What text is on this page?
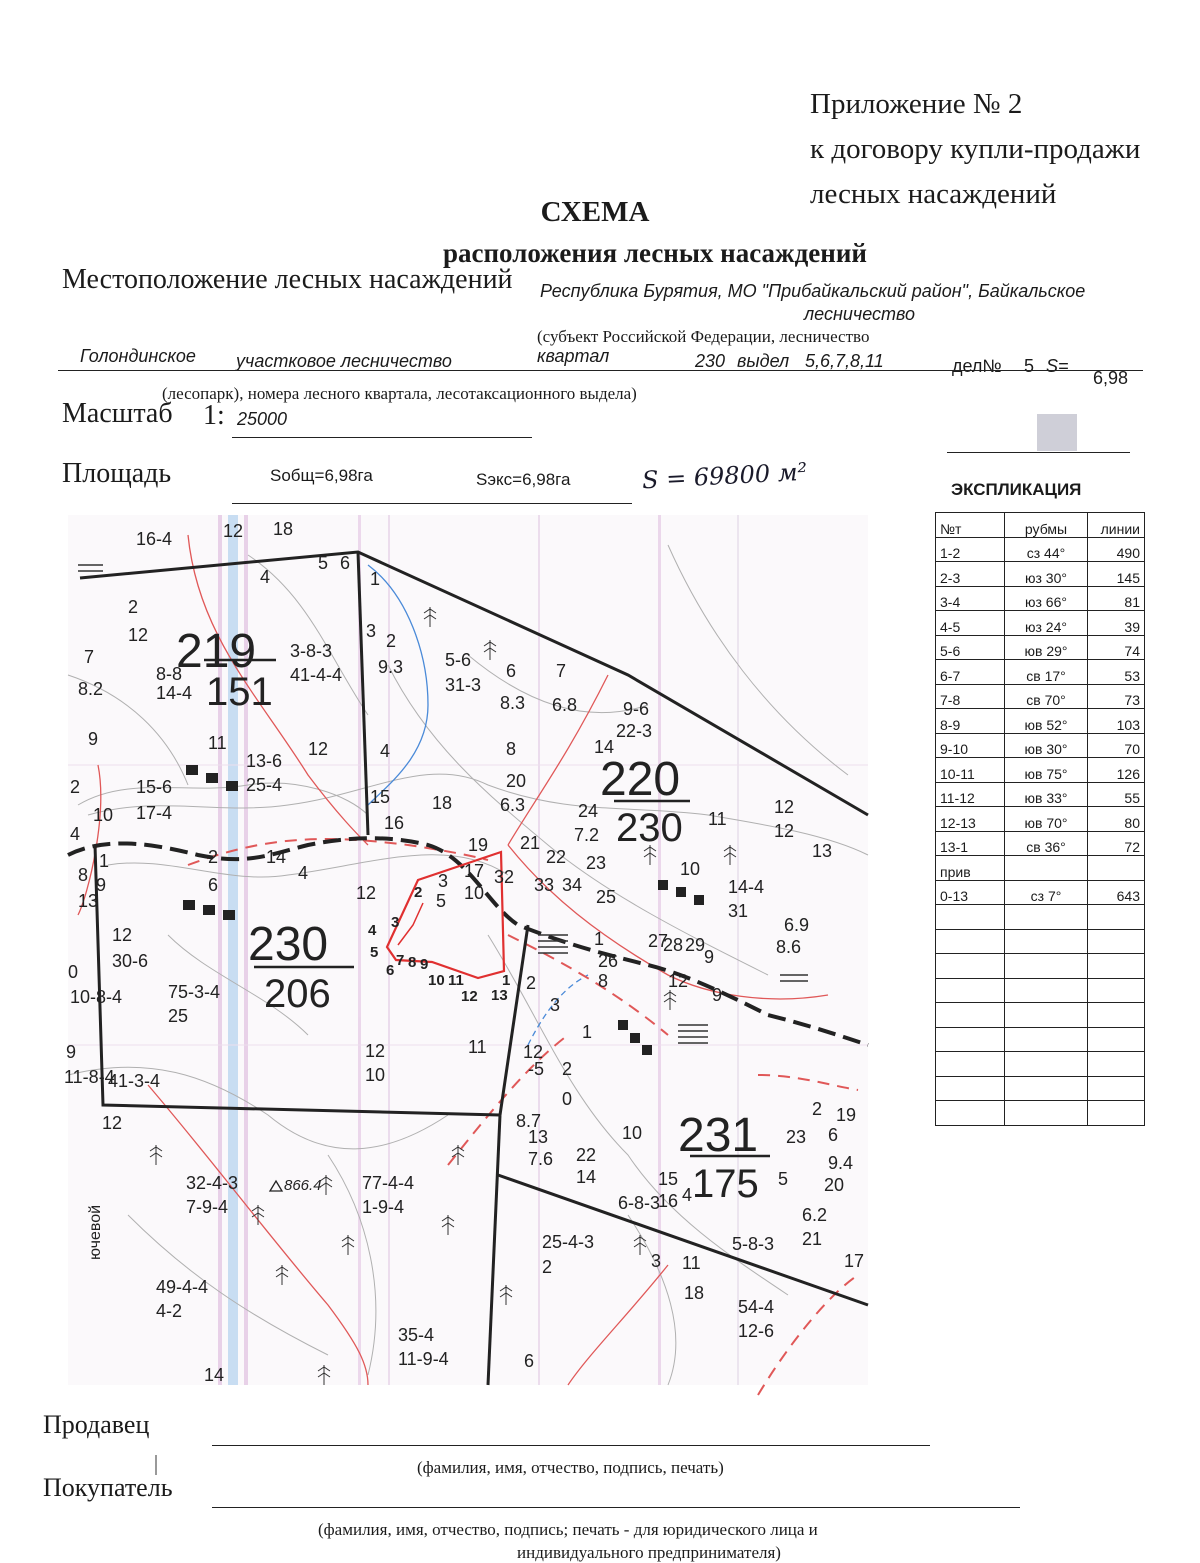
Приложение № 2
к договору купли-продажи
лесных насаждений
СХЕМА
расположения лесных насаждений
Местоположение лесных насаждений Республика Бурятия, МО "Прибайкальский район", Байкальское
лесничество
(субъект Российской Федерации, лесничество
Голондинское участковое лесничество	квартал	230 выдел 5,6,7,8,11	дел№ 5 S=
6,98
(лесопарк), номера лесного квартала, лесотаксационного выдела)
Масштаб 1: 25000
Площадь	Sобщ=6,98га	Sэкс=6,98га	S = 69800 м²	ЭКСПЛИКАЦИЯ
№т	рубмы	линии
1-2	сз 44°	490
2-3	юз 30°	145
3-4	юз 66°	81
4-5	юз 24°	39
5-6	юв 29°	74
6-7	св 17°	53
7-8	св 70°	73
8-9	юв 52°	103
9-10	юв 30°	70
10-11	юв 75°	126
11-12	юв 33°	55
12-13	юв 70°	80
13-1	св 36°	72
прив		
0-13	сз 7°	643

866.4
ючевой
219
151
220
230
230
206
231
175
16-4	12 18
4
5 6
1
2
12
8-8
14-4
3-8-3
41-4-4
3 2
9.3 5-6
31-3
6 7
8.3 6.8	9-6
22-3
7
8.2
9	11
13-6
25-4
12	4	14
8
2
10
15-6
17-4
15
16
18
20
6.3	24
7.2
11
12
12
4	21
22 23
19
17
10
32 33 34
25
10
13
1
9
2
6
14
4
12
3
5
8
13
12
30-6
14-4
31
6.9
8.6
1
26
27
28 29
9
12
9
0
10-8-4	75-3-4
25
8
2
3
1
-5
9
11-8-4
41-3-4
12
10
11 12
2
0
12	8.7
13
7.6 22
14
10
15
16 4
5
23 6
2 19
9.4
20
6-8-3
32-4-3
7-9-4
77-4-4
1-9-4
25-4-3
2	3 11
18
6.2
21
17
5-8-3
49-4-4
4-2	54-4
12-6
35-4
11-9-4
14
6
1
2
3
4
5
6
7 8 9
10 11
12 13
Продавец
(фамилия, имя, отчество, подпись, печать)
Покупатель
(фамилия, имя, отчество, подпись; печать - для юридического лица и
индивидуального предпринимателя)
